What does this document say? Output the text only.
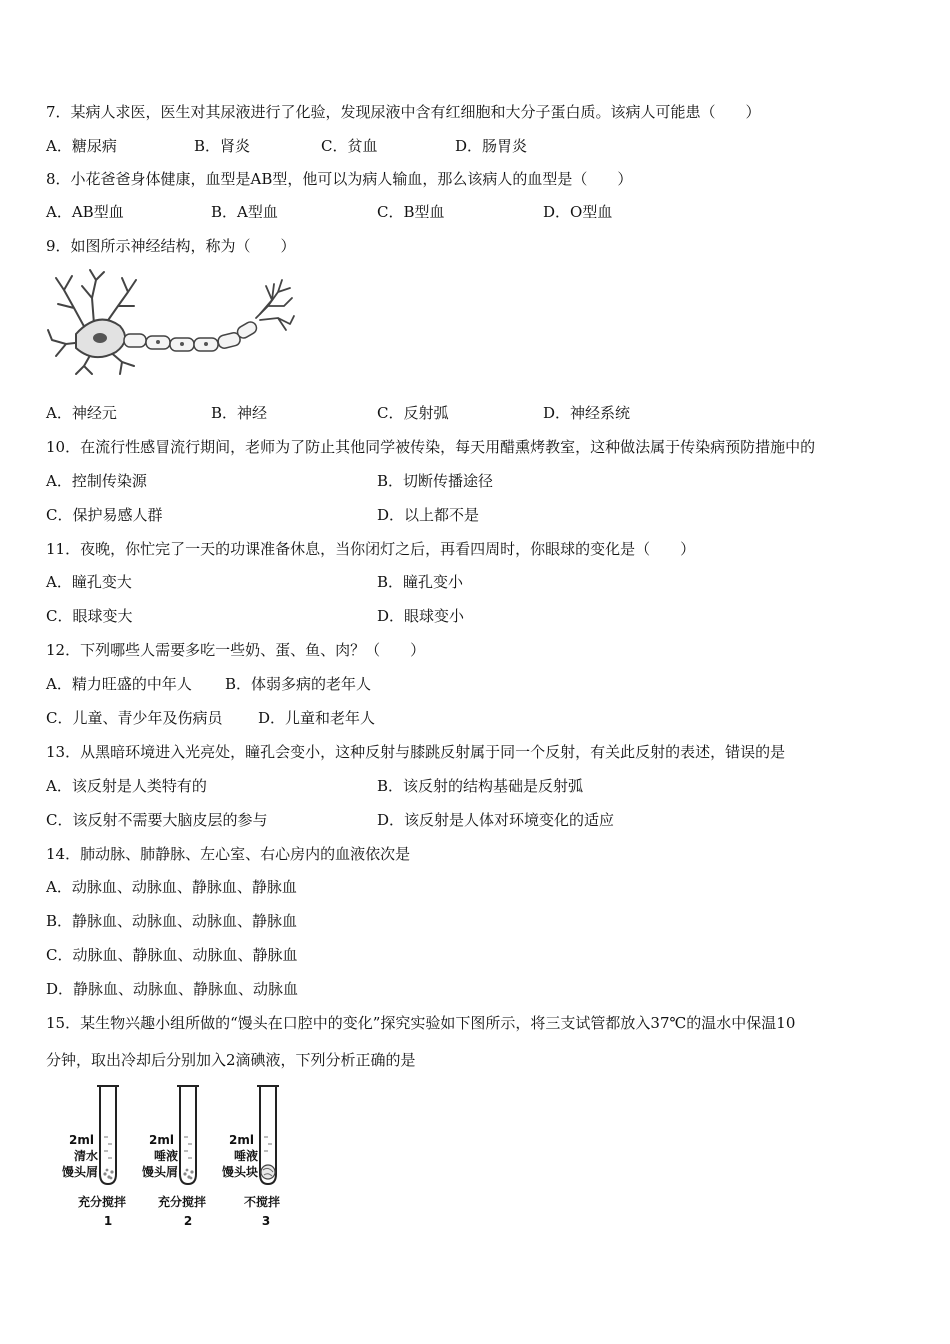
7．某病人求医，医生对其尿液进行了化验，发现尿液中含有红细胞和大分子蛋白质。该病人可能患（　　）
A．糖尿病	B．肾炎	C．贫血	D．肠胃炎
8．小花爸爸身体健康，血型是AB型，他可以为病人输血，那么该病人的血型是（　　）
A．AB型血	B．A型血	C．B型血	D．O型血
9．如图所示神经结构，称为（　　）
A．神经元	B．神经	C．反射弧	D．神经系统
10．在流行性感冒流行期间，老师为了防止其他同学被传染，每天用醋熏烤教室，这种做法属于传染病预防措施中的
A．控制传染源	B．切断传播途径
C．保护易感人群	D．以上都不是
11．夜晚，你忙完了一天的功课准备休息，当你闭灯之后，再看四周时，你眼球的变化是（　　）
A．瞳孔变大	B．瞳孔变小
C．眼球变大	D．眼球变小
12．下列哪些人需要多吃一些奶、蛋、鱼、肉？（　　）
A．精力旺盛的中年人 B．体弱多病的老年人
C．儿童、青少年及伤病员 D．儿童和老年人
13．从黑暗环境进入光亮处，瞳孔会变小，这种反射与膝跳反射属于同一个反射，有关此反射的表述，错误的是
A．该反射是人类特有的	B．该反射的结构基础是反射弧
C．该反射不需要大脑皮层的参与	D．该反射是人体对环境变化的适应
14．肺动脉、肺静脉、左心室、右心房内的血液依次是
A．动脉血、动脉血、静脉血、静脉血
B．静脉血、动脉血、动脉血、静脉血
C．动脉血、静脉血、动脉血、静脉血
D．静脉血、动脉血、静脉血、动脉血
15．某生物兴趣小组所做的“馒头在口腔中的变化”探究实验如下图所示，将三支试管都放入37℃的温水中保温10
分钟，取出冷却后分别加入2滴碘液，下列分析正确的是
2ml
清水
馒头屑
充分搅拌
1
2ml
唾液
馒头屑
充分搅拌
2
2ml
唾液
馒头块
不搅拌
3
